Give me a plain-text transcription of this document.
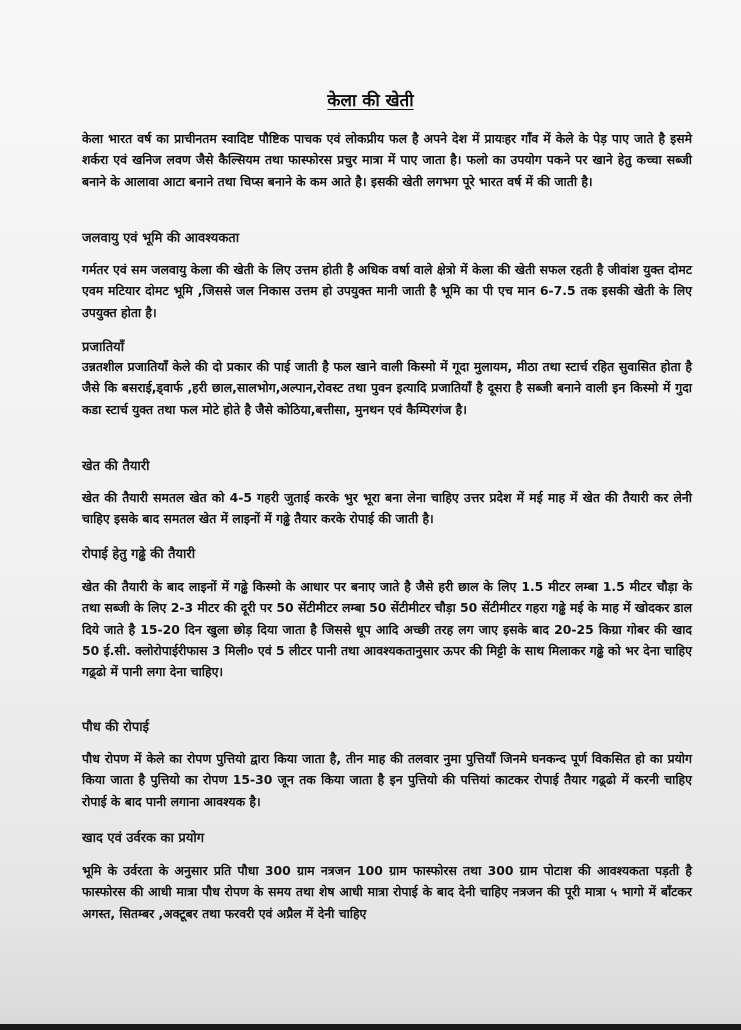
केला की खेती
केला भारत वर्ष का प्राचीनतम स्वादिष्ट पौष्टिक पाचक एवं लोकप्रीय फल है अपने देश में प्रायःहर गाँव में केले के पेड़ पाए जाते है इसमे शर्करा एवं खनिज लवण जैसे कैल्सियम तथा फास्फोरस प्रचुर मात्रा में पाए जाता है। फलो का उपयोग पकने पर खाने हेतु कच्चा सब्जी बनाने के आलावा आटा बनाने तथा चिप्स बनाने के कम आते है। इसकी खेती लगभग पूरे भारत वर्ष में की जाती है।
जलवायु एवं भूमि की आवश्यकता
गर्मतर एवं सम जलवायु केला की खेती के लिए उत्तम होती है अधिक वर्षा वाले क्षेत्रो में केला की खेती सफल रहती है जीवांश युक्त दोमट एवम मटियार दोमट भूमि ,जिससे जल निकास उत्तम हो उपयुक्त मानी जाती है भूमि का पी एच मान 6-7.5 तक इसकी खेती के लिए उपयुक्त होता है।
प्रजातियाँ
उन्नतशील प्रजातियाँ केले की दो प्रकार की पाई जाती है फल खाने वाली किस्मो में गूदा मुलायम, मीठा तथा स्टार्च रहित सुवासित होता है जैसे कि बसराई,ड्वार्फ ,हरी छाल,सालभोग,अल्पान,रोवस्ट तथा पुवन इत्यादि प्रजातियाँ है दूसरा है सब्जी बनाने वाली इन किस्मो में गुदा कडा स्टार्च युक्त तथा फल मोटे होते है जैसे कोठिया,बत्तीसा, मुनथन एवं कैम्पिरगंज है।
खेत की तैयारी
खेत की तैयारी समतल खेत को 4-5 गहरी जुताई करके भुर भूरा बना लेना चाहिए उत्तर प्रदेश में मई माह में खेत की तैयारी कर लेनी चाहिए इसके बाद समतल खेत में लाइनों में गढ्ढे तैयार करके रोपाई की जाती है।
रोपाई हेतु गढ्ढे की तैयारी
खेत की तैयारी के बाद लाइनों में गढ्ढे किस्मो के आधार पर बनाए जाते है जैसे हरी छाल के लिए 1.5 मीटर लम्बा 1.5 मीटर चौड़ा के तथा सब्जी के लिए 2-3 मीटर की दूरी पर 50 सेंटीमीटर लम्बा 50 सेंटीमीटर चौड़ा 50 सेंटीमीटर गहरा गढ्ढे मई के माह में खोदकर डाल दिये जाते है 15-20 दिन खुला छोड़ दिया जाता है जिससे धूप आदि अच्छी तरह लग जाए इसके बाद 20-25 किग्रा गोबर की खाद 50 ई.सी. क्लोरोपाईरीफास 3 मिली० एवं 5 लीटर पानी तथा आवश्यकतानुसार ऊपर की मिट्टी के साथ मिलाकर गढ्ढे को भर देना चाहिए गढ़्ढो में पानी लगा देना चाहिए।
पौध की रोपाई
पौध रोपण में केले का रोपण पुत्तियो द्वारा किया जाता है, तीन माह की तलवार नुमा पुत्तियाँ जिनमे घनकन्द पूर्ण विकसित हो का प्रयोग किया जाता है पुत्तियो का रोपण 15-30 जून तक किया जाता है इन पुत्तियो की पत्तियां काटकर रोपाई तैयार गढ़्ढो में करनी चाहिए रोपाई के बाद पानी लगाना आवश्यक है।
खाद एवं उर्वरक का प्रयोग
भूमि के उर्वरता के अनुसार प्रति पौधा 300 ग्राम नत्रजन 100 ग्राम फास्फोरस तथा 300 ग्राम पोटाश की आवश्यकता पड़ती है फास्फोरस की आधी मात्रा पौध रोपण के समय तथा शेष आधी मात्रा रोपाई के बाद देनी चाहिए नत्रजन की पूरी मात्रा ५ भागो में बाँटकर अगस्त, सितम्बर ,अक्टूबर तथा फरवरी एवं अप्रैल में देनी चाहिए
